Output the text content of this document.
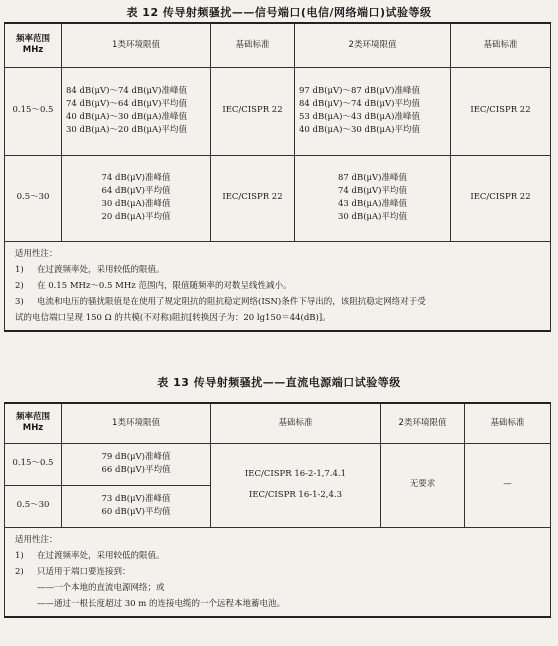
表 12 传导射频骚扰——信号端口(电信/网络端口)试验等级
频率范围
MHz	1类环境限值	基础标准	2类环境限值	基础标准
0.15～0.5	84 dB(μV)～74 dB(μV)准峰值
74 dB(μV)～64 dB(μV)平均值
40 dB(μA)～30 dB(μA)准峰值
30 dB(μA)～20 dB(μA)平均值	IEC/CISPR 22	97 dB(μV)～87 dB(μV)准峰值
84 dB(μV)～74 dB(μV)平均值
53 dB(μA)～43 dB(μA)准峰值
40 dB(μA)～30 dB(μA)平均值	IEC/CISPR 22
0.5～30	74 dB(μV)准峰值
64 dB(μV)平均值
30 dB(μA)准峰值
20 dB(μA)平均值	IEC/CISPR 22	87 dB(μV)准峰值
74 dB(μV)平均值
43 dB(μA)准峰值
30 dB(μA)平均值	IEC/CISPR 22

适用性注：
1) 在过渡频率处，采用较低的限值。
2) 在 0.15 MHz～0.5 MHz 范围内，限值随频率的对数呈线性减小。
3) 电流和电压的骚扰限值是在使用了规定阻抗的阻抗稳定网络(ISN)条件下导出的，该阻抗稳定网络对于受
试的电信端口呈现 150 Ω 的共模(不对称)阻抗[转换因子为：20 lg150＝44(dB)]。				
表 13 传导射频骚扰——直流电源端口试验等级
频率范围
MHz	1类环境限值	基础标准	2类环境限值	基础标准
0.15～0.5	79 dB(μV)准峰值
66 dB(μV)平均值	IEC/CISPR 16-2-1,7.4.1
IEC/CISPR 16-1-2,4.3	无要求	—
0.5～30	73 dB(μV)准峰值
60 dB(μV)平均值			

适用性注：
1) 在过渡频率处，采用较低的限值。
2) 只适用于端口要连接到：
——一个本地的直流电源网络；或
——通过一根长度超过 30 m 的连接电缆的一个远程本地蓄电池。				
